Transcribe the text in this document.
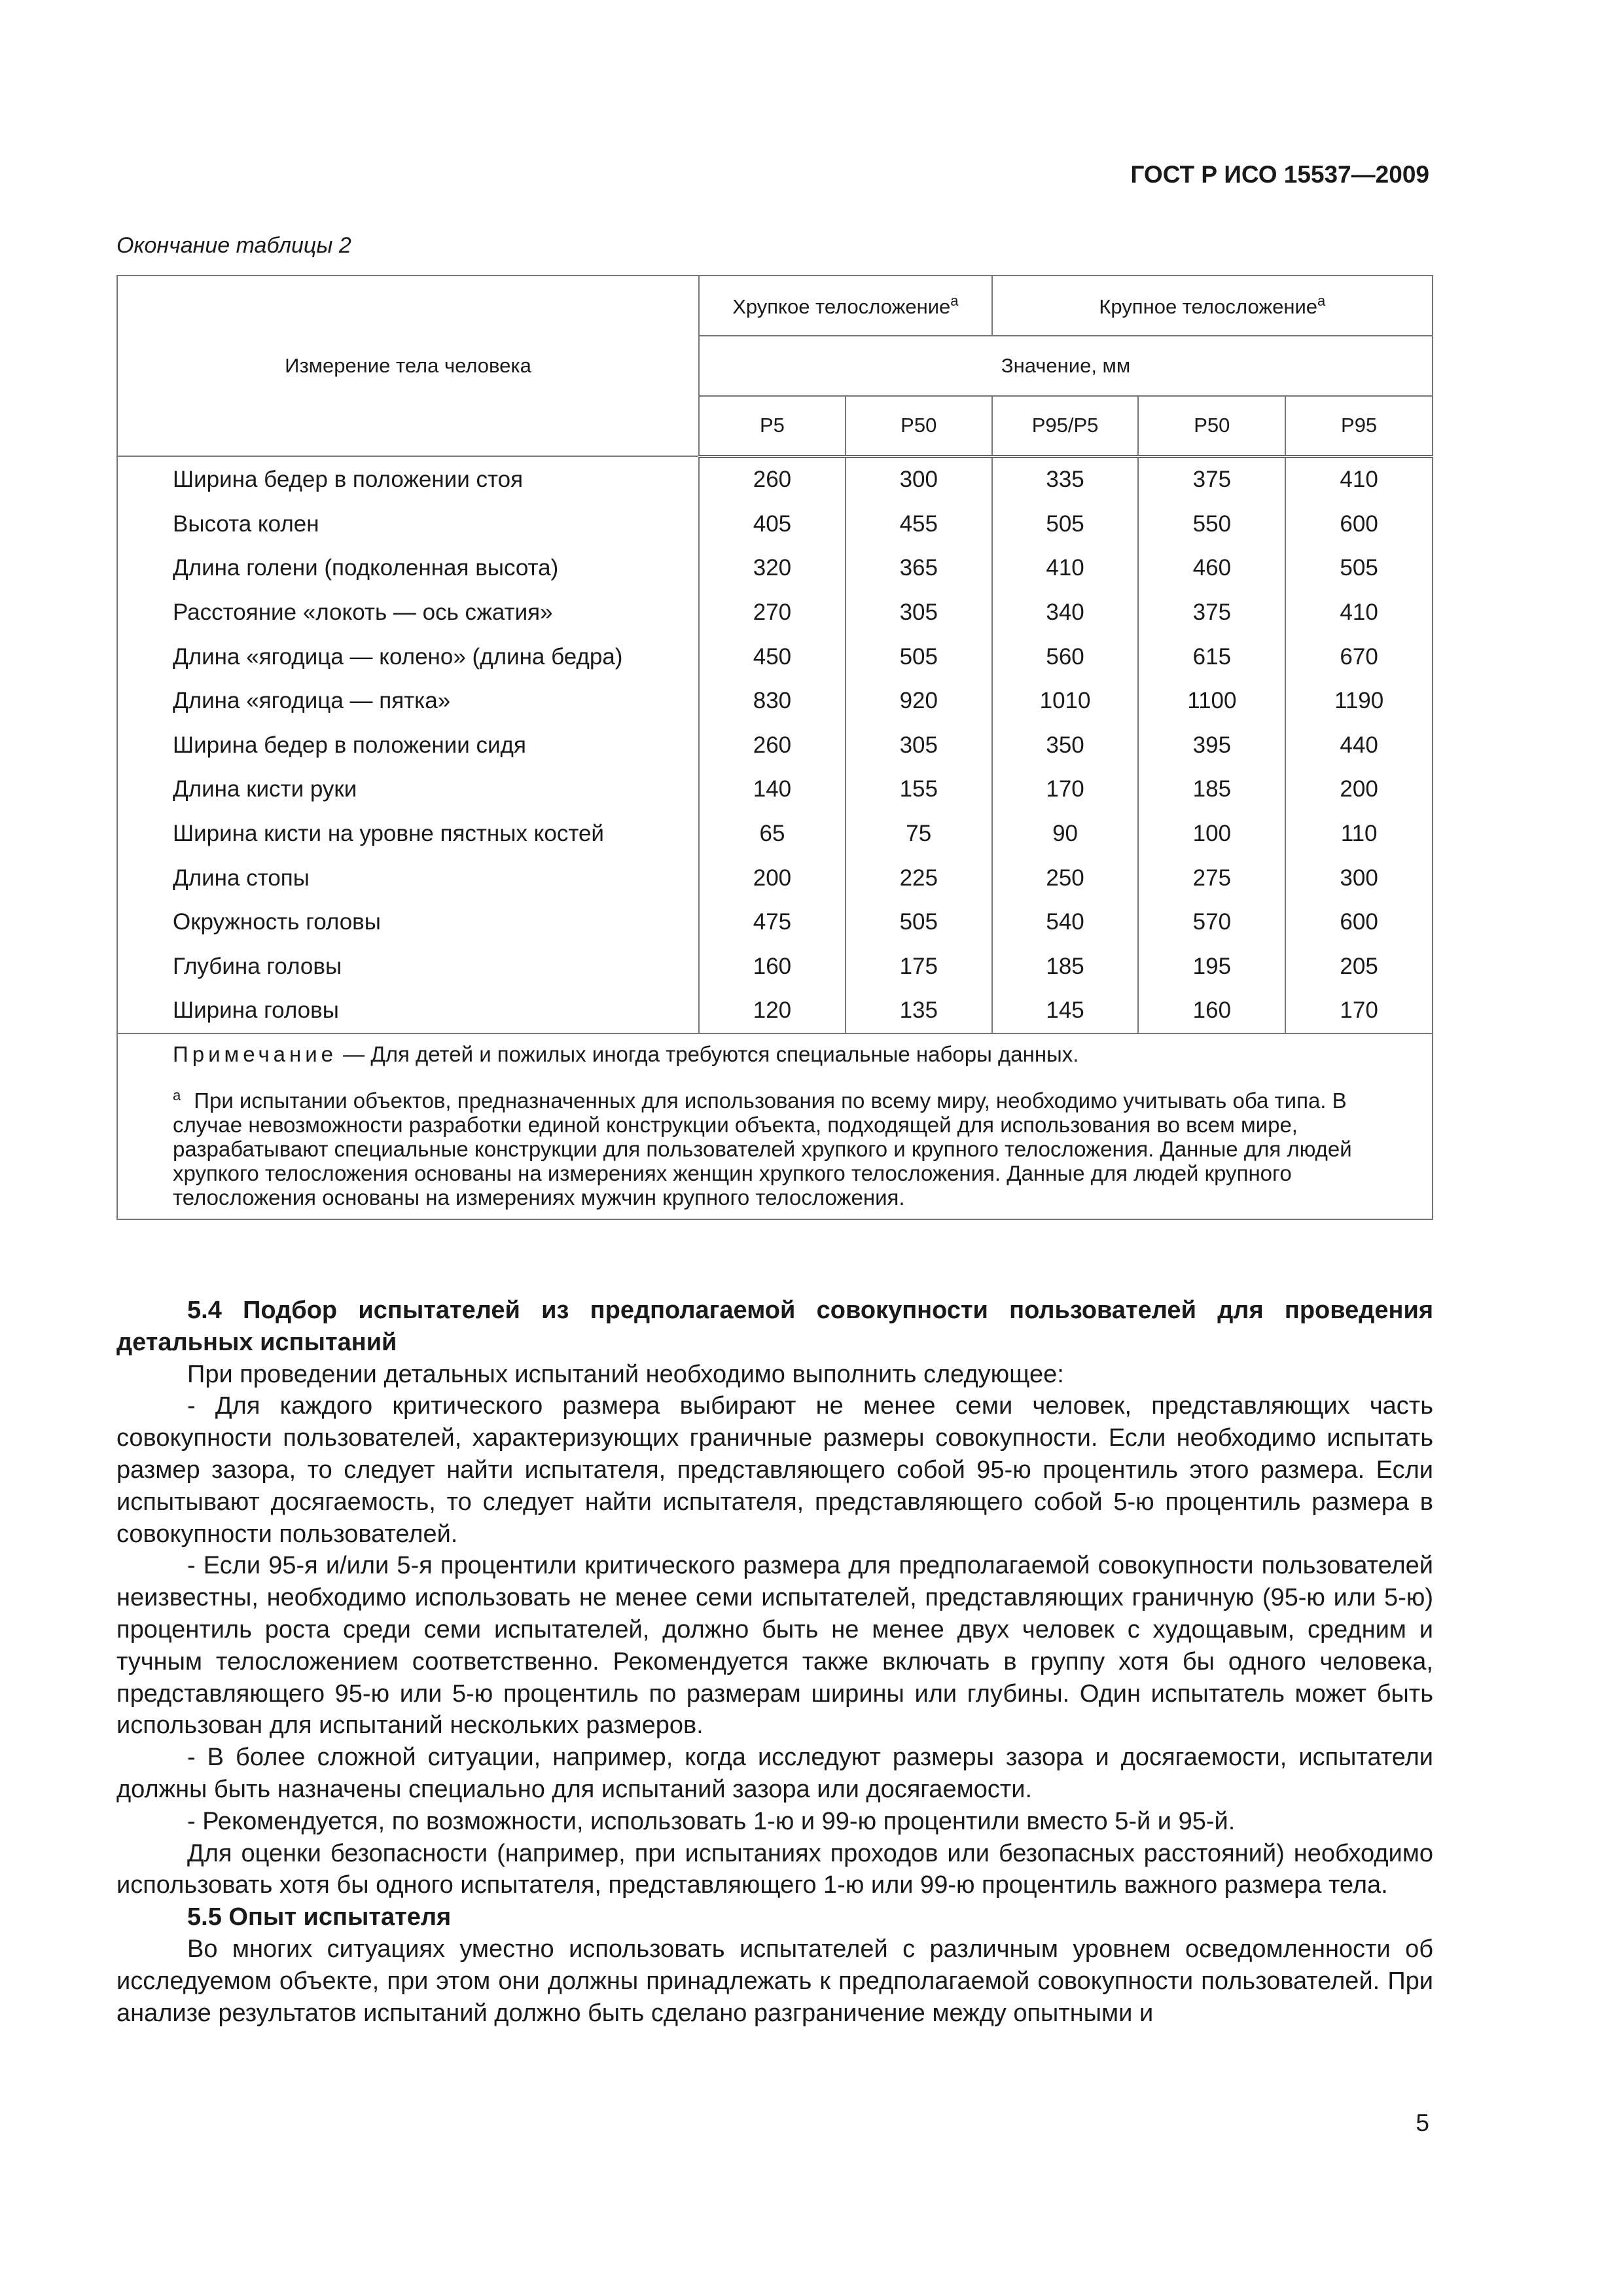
ГОСТ Р ИСО 15537—2009
Окончание таблицы 2
Измерение тела человека	Хрупкое телосложение$^a$		Крупное телосложение$^a$
	Значение, мм				
	P5	P50	P95/P5	P50	P95
Ширина бедер в положении стоя	260	300	335	375	410
Высота колен	405	455	505	550	600
Длина голени (подколенная высота)	320	365	410	460	505
Расстояние «локоть — ось сжатия»	270	305	340	375	410
Длина «ягодица — колено» (длина бедра)	450	505	560	615	670
Длина «ягодица — пятка»	830	920	1010	1100	1190
Ширина бедер в положении сидя	260	305	350	395	440
Длина кисти руки	140	155	170	185	200
Ширина кисти на уровне пястных костей	65	75	90	100	110
Длина стопы	200	225	250	275	300
Окружность головы	475	505	540	570	600
Глубина головы	160	175	185	195	205
Ширина головы	120	135	145	160	170

Примечание — Для детей и пожилых иногда требуются специальные наборы данных.
$^a$ При испытании объектов, предназначенных для использования по всему миру, необходимо учитывать оба типа. В случае невозможности разработки единой конструкции объекта, подходящей для использования во всем мире, разрабатывают специальные конструкции для пользователей хрупкого и крупного телосложения. Данные для людей хрупкого телосложения основаны на измерениях женщин хрупкого телосложения. Данные для людей крупного телосложения основаны на измерениях мужчин крупного телосложения.					
5.4 Подбор испытателей из предполагаемой совокупности пользователей для проведения детальных испытаний

При проведении детальных испытаний необходимо выполнить следующее:

- Для каждого критического размера выбирают не менее семи человек, представляющих часть совокупности пользователей, характеризующих граничные размеры совокупности. Если необходимо испытать размер зазора, то следует найти испытателя, представляющего собой 95-ю процентиль этого размера. Если испытывают досягаемость, то следует найти испытателя, представляющего собой 5-ю процентиль размера в совокупности пользователей.

- Если 95-я и/или 5-я процентили критического размера для предполагаемой совокупности пользователей неизвестны, необходимо использовать не менее семи испытателей, представляющих граничную (95-ю или 5-ю) процентиль роста среди семи испытателей, должно быть не менее двух человек с худощавым, средним и тучным телосложением соответственно. Рекомендуется также включать в группу хотя бы одного человека, представляющего 95-ю или 5-ю процентиль по размерам ширины или глубины. Один испытатель может быть использован для испытаний нескольких размеров.

- В более сложной ситуации, например, когда исследуют размеры зазора и досягаемости, испытатели должны быть назначены специально для испытаний зазора или досягаемости.

- Рекомендуется, по возможности, использовать 1-ю и 99-ю процентили вместо 5-й и 95-й.

Для оценки безопасности (например, при испытаниях проходов или безопасных расстояний) необходимо использовать хотя бы одного испытателя, представляющего 1-ю или 99-ю процентиль важного размера тела.

5.5 Опыт испытателя

Во многих ситуациях уместно использовать испытателей с различным уровнем осведомленности об исследуемом объекте, при этом они должны принадлежать к предполагаемой совокупности пользователей. При анализе результатов испытаний должно быть сделано разграничение между опытными и

5
